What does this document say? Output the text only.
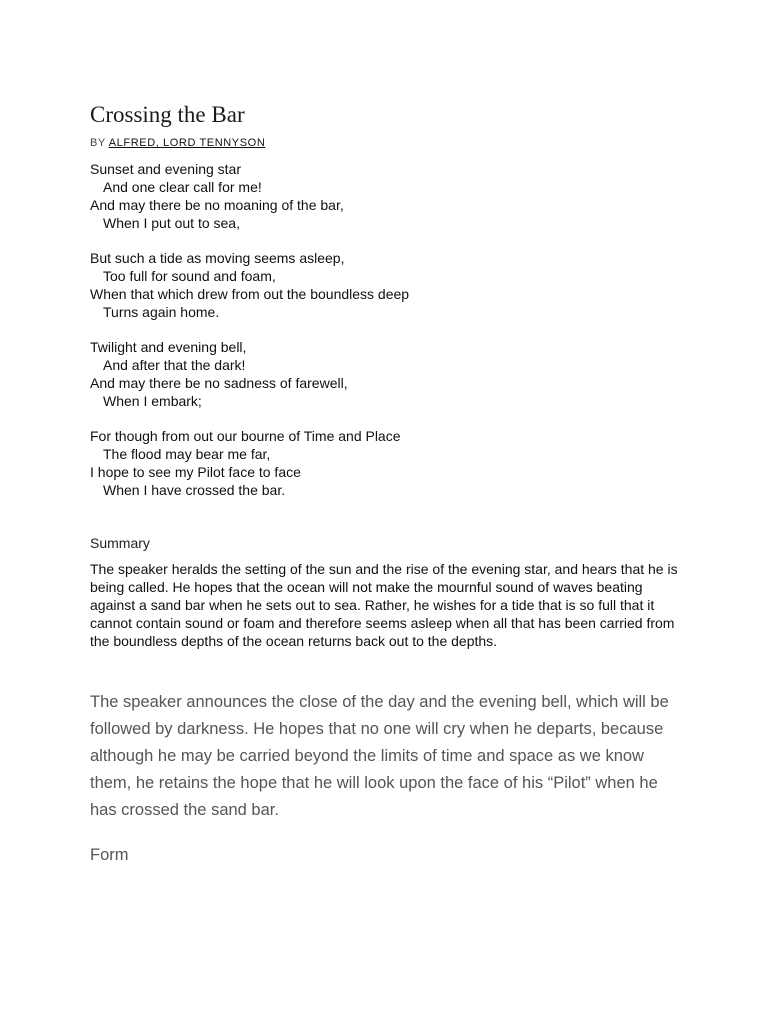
Crossing the Bar
BY ALFRED, LORD TENNYSON
Sunset and evening star
And one clear call for me!
And may there be no moaning of the bar,
When I put out to sea,
But such a tide as moving seems asleep,
Too full for sound and foam,
When that which drew from out the boundless deep
Turns again home.
Twilight and evening bell,
And after that the dark!
And may there be no sadness of farewell,
When I embark;
For though from out our bourne of Time and Place
The flood may bear me far,
I hope to see my Pilot face to face
When I have crossed the bar.
Summary

The speaker heralds the setting of the sun and the rise of the evening star, and hears that he is being called. He hopes that the ocean will not make the mournful sound of waves beating against a sand bar when he sets out to sea. Rather, he wishes for a tide that is so full that it cannot contain sound or foam and therefore seems asleep when all that has been carried from the boundless depths of the ocean returns back out to the depths.

The speaker announces the close of the day and the evening bell, which will be followed by darkness. He hopes that no one will cry when he departs, because although he may be carried beyond the limits of time and space as we know them, he retains the hope that he will look upon the face of his “Pilot” when he has crossed the sand bar.

Form
